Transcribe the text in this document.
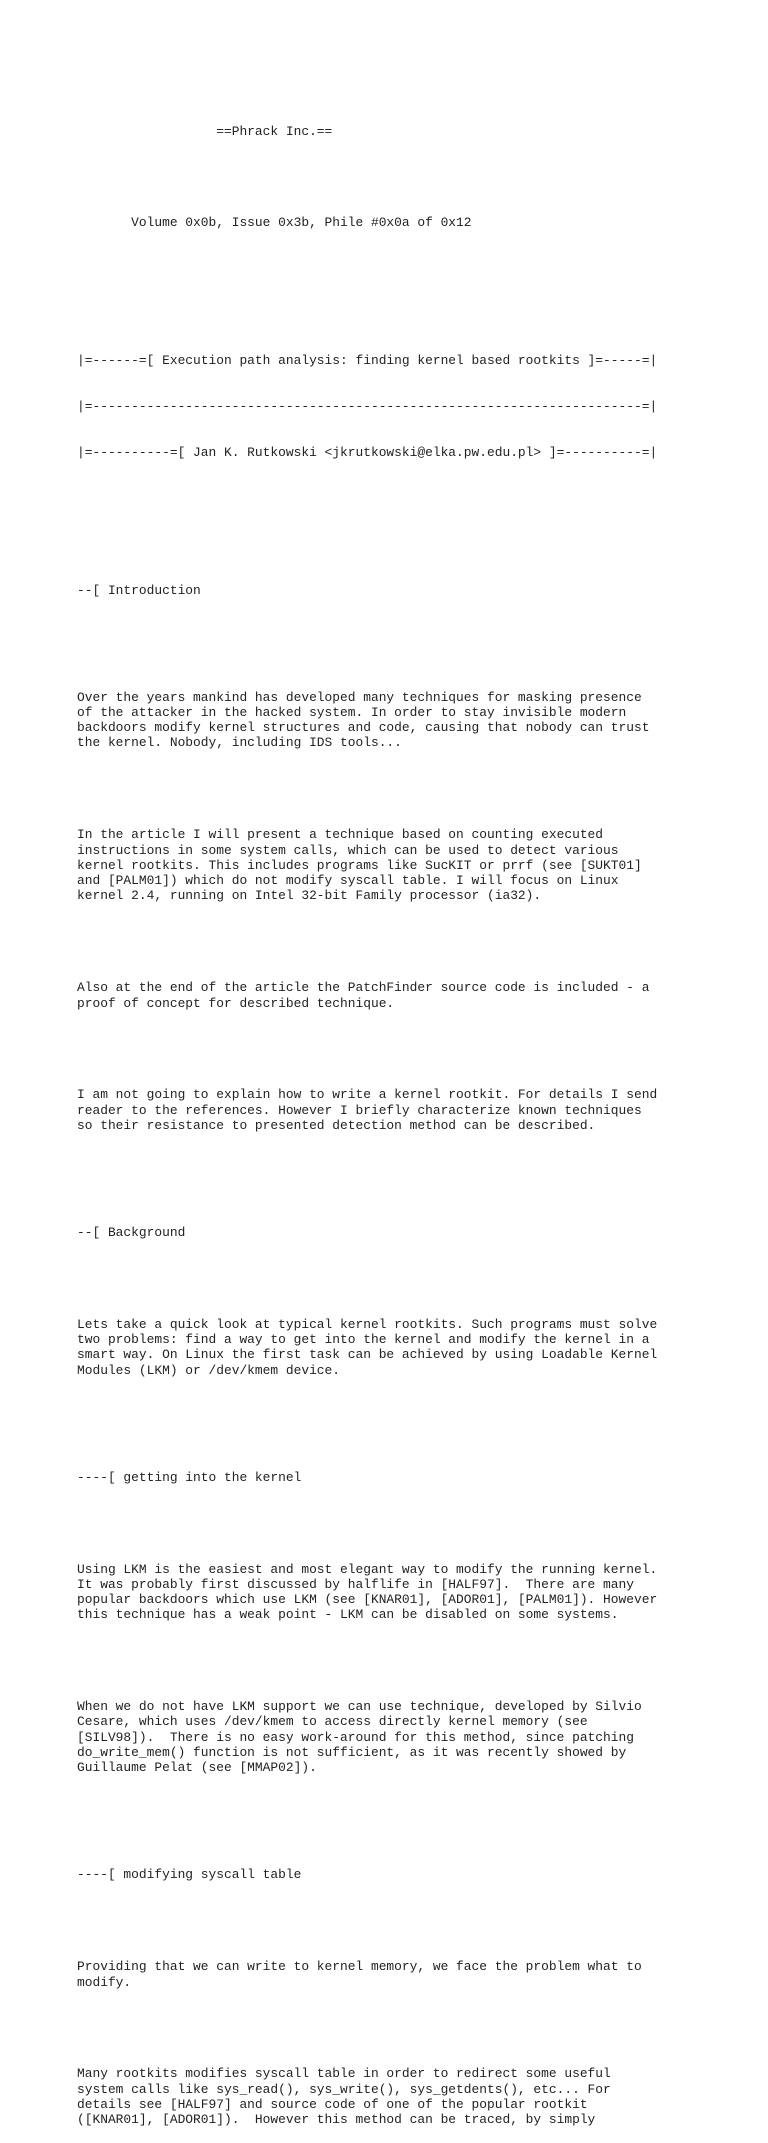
==Phrack Inc.==

Volume 0x0b, Issue 0x3b, Phile #0x0a of 0x12

|=------=[ Execution path analysis: finding kernel based rootkits ]=-----=|

|=-----------------------------------------------------------------------=|

|=----------=[ Jan K. Rutkowski <jkrutkowski@elka.pw.edu.pl> ]=----------=|

--[ Introduction

Over the years mankind has developed many techniques for masking presence
of the attacker in the hacked system. In order to stay invisible modern
backdoors modify kernel structures and code, causing that nobody can trust
the kernel. Nobody, including IDS tools...

In the article I will present a technique based on counting executed
instructions in some system calls, which can be used to detect various
kernel rootkits. This includes programs like SucKIT or prrf (see [SUKT01]
and [PALM01]) which do not modify syscall table. I will focus on Linux
kernel 2.4, running on Intel 32-bit Family processor (ia32).

Also at the end of the article the PatchFinder source code is included - a
proof of concept for described technique.

I am not going to explain how to write a kernel rootkit. For details I send
reader to the references. However I briefly characterize known techniques
so their resistance to presented detection method can be described.

--[ Background

Lets take a quick look at typical kernel rootkits. Such programs must solve
two problems: find a way to get into the kernel and modify the kernel in a
smart way. On Linux the first task can be achieved by using Loadable Kernel
Modules (LKM) or /dev/kmem device.

----[ getting into the kernel

Using LKM is the easiest and most elegant way to modify the running kernel.
It was probably first discussed by halflife in [HALF97].  There are many
popular backdoors which use LKM (see [KNAR01], [ADOR01], [PALM01]). However
this technique has a weak point - LKM can be disabled on some systems.

When we do not have LKM support we can use technique, developed by Silvio
Cesare, which uses /dev/kmem to access directly kernel memory (see
[SILV98]).  There is no easy work-around for this method, since patching
do_write_mem() function is not sufficient, as it was recently showed by
Guillaume Pelat (see [MMAP02]).

----[ modifying syscall table

Providing that we can write to kernel memory, we face the problem what to
modify.

Many rootkits modifies syscall table in order to redirect some useful
system calls like sys_read(), sys_write(), sys_getdents(), etc... For
details see [HALF97] and source code of one of the popular rootkit
([KNAR01], [ADOR01]).  However this method can be traced, by simply
